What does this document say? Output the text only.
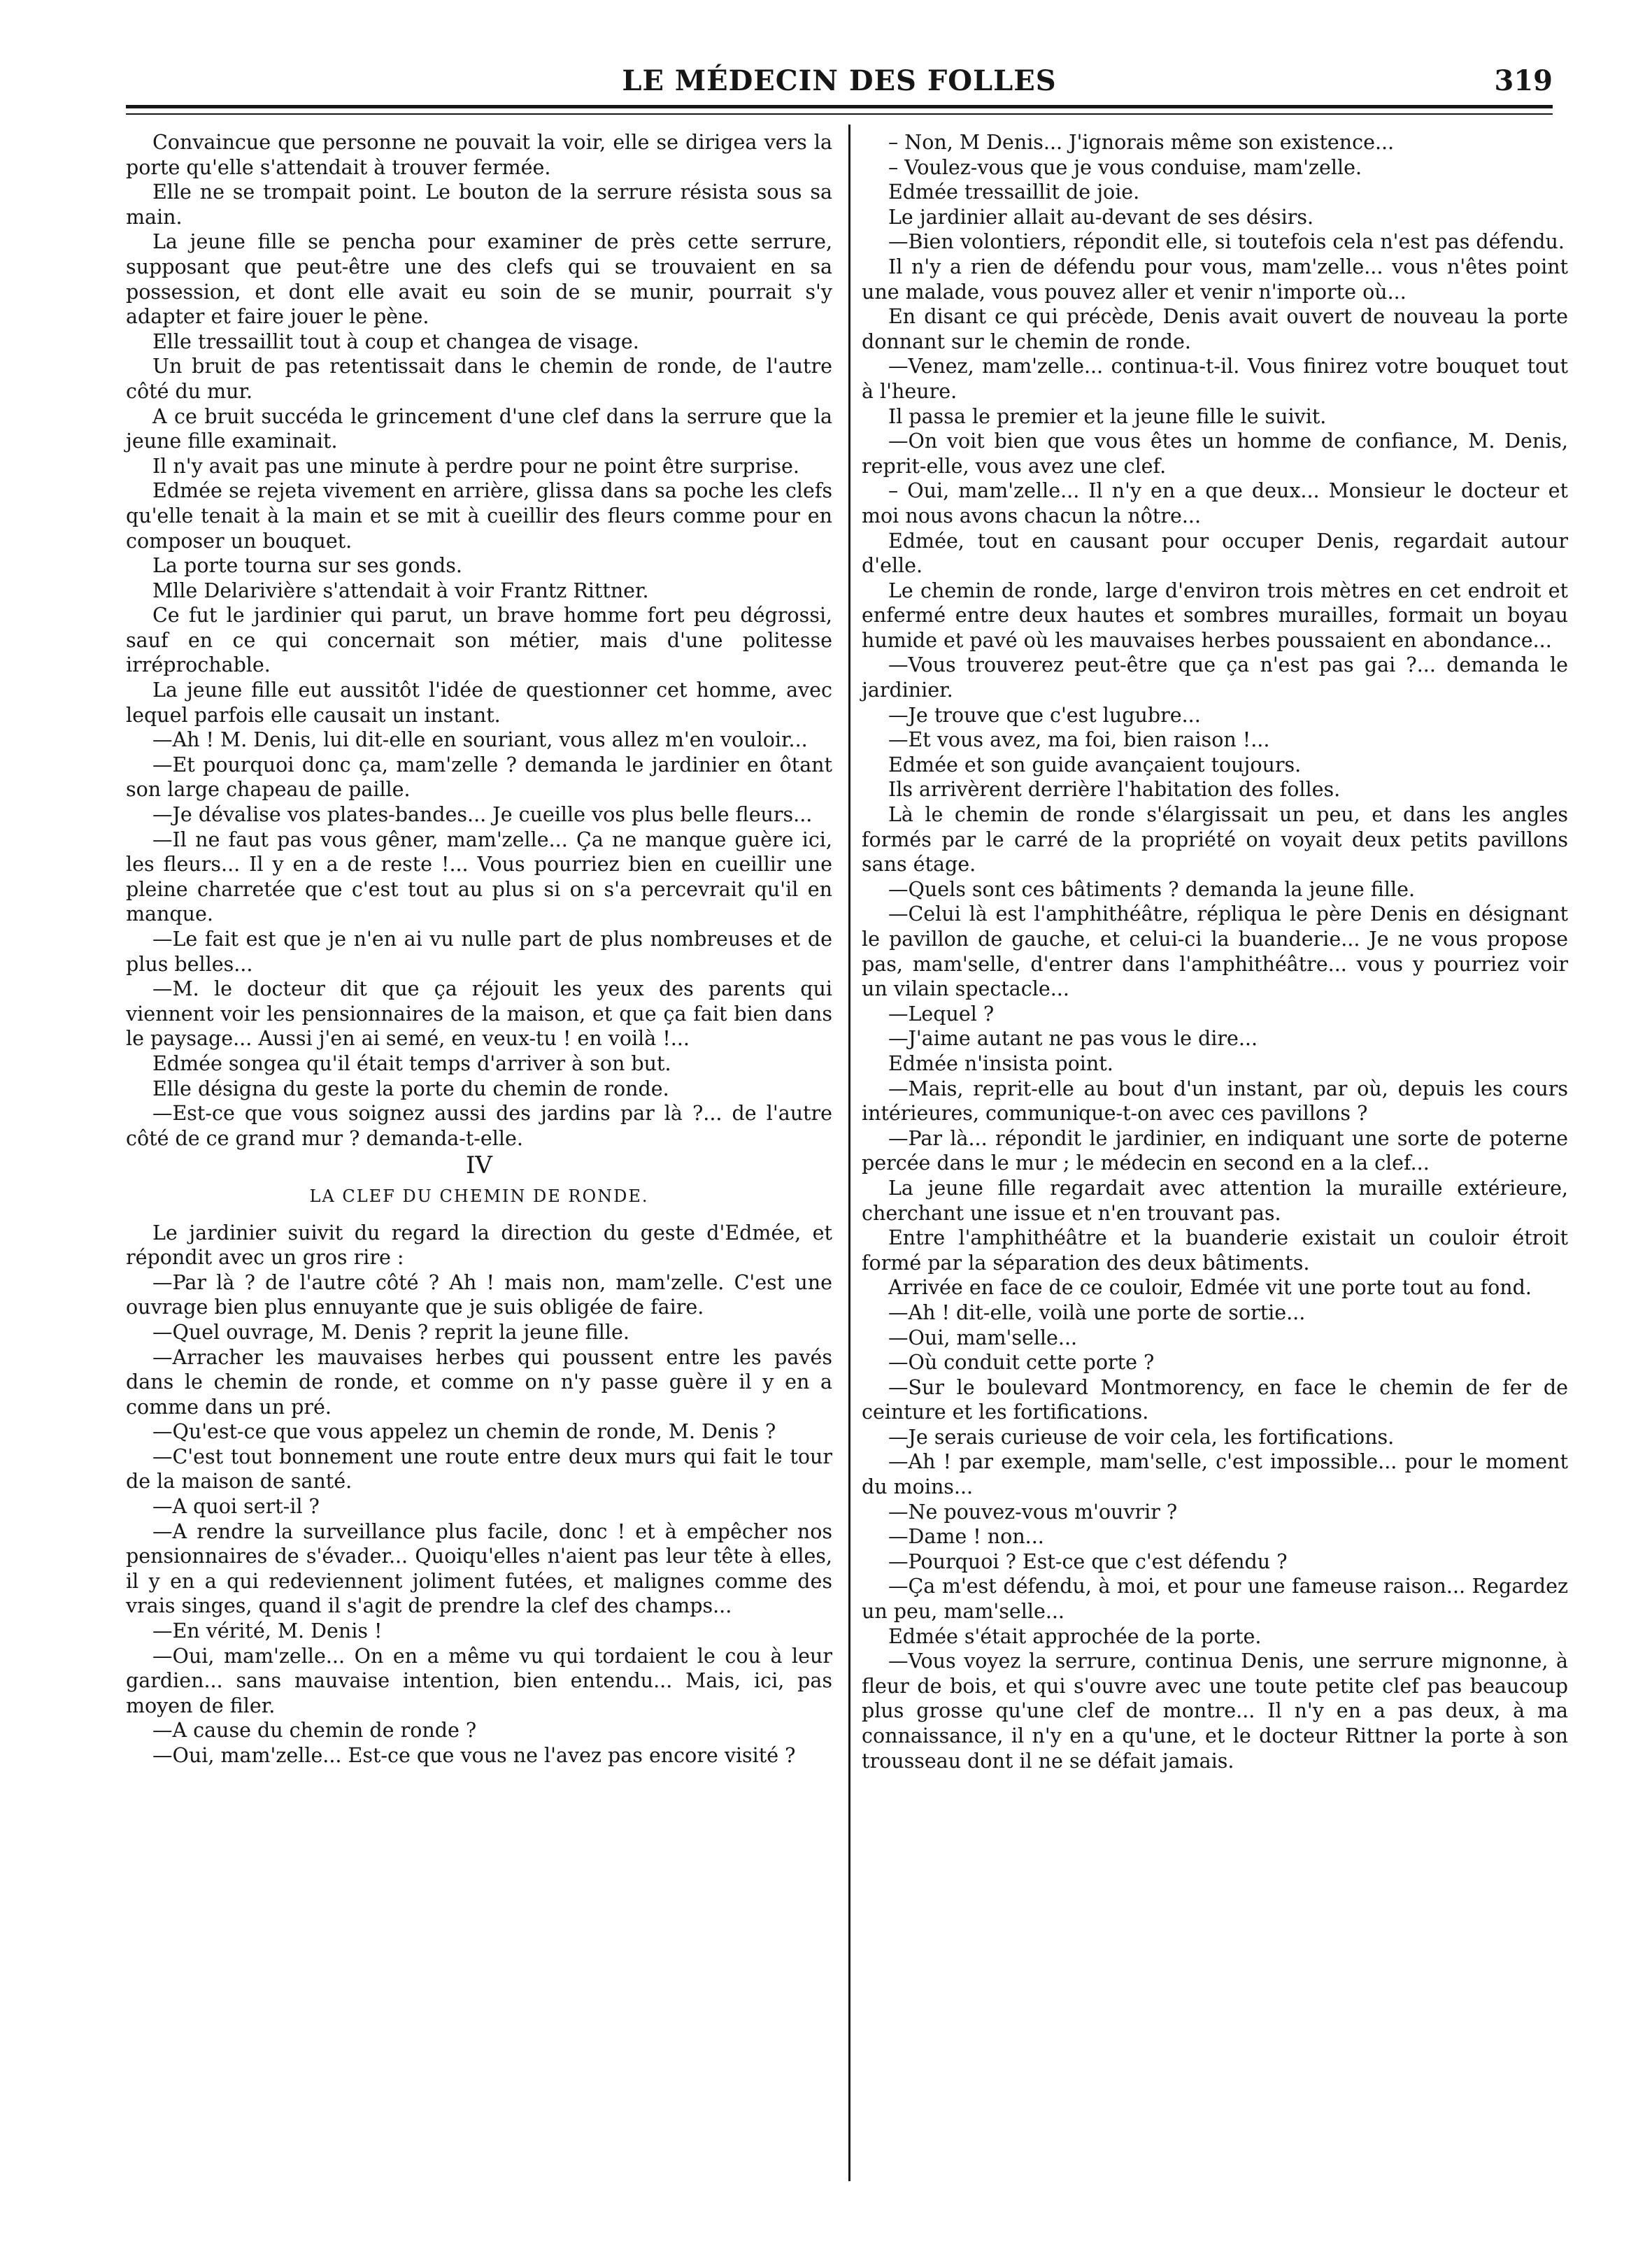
LE MÉDECIN DES FOLLES	319

Convaincue que personne ne pouvait la voir, elle se dirigea vers la porte qu'elle s'attendait à trouver fermée.

Elle ne se trompait point. Le bouton de la serrure résista sous sa main.

La jeune fille se pencha pour examiner de près cette serrure, supposant que peut-être une des clefs qui se trouvaient en sa possession, et dont elle avait eu soin de se munir, pourrait s'y adapter et faire jouer le pène.

Elle tressaillit tout à coup et changea de visage.

Un bruit de pas retentissait dans le chemin de ronde, de l'autre côté du mur.

A ce bruit succéda le grincement d'une clef dans la serrure que la jeune fille examinait.

Il n'y avait pas une minute à perdre pour ne point être surprise.

Edmée se rejeta vivement en arrière, glissa dans sa poche les clefs qu'elle tenait à la main et se mit à cueillir des fleurs comme pour en composer un bouquet.

La porte tourna sur ses gonds.

Mlle Delarivière s'attendait à voir Frantz Rittner.

Ce fut le jardinier qui parut, un brave homme fort peu dégrossi, sauf en ce qui concernait son métier, mais d'une politesse irréprochable.

La jeune fille eut aussitôt l'idée de questionner cet homme, avec lequel parfois elle causait un instant.

—Ah ! M. Denis, lui dit-elle en souriant, vous allez m'en vouloir...

—Et pourquoi donc ça, mam'zelle ? demanda le jardinier en ôtant son large chapeau de paille.

—Je dévalise vos plates-bandes... Je cueille vos plus belle fleurs...

—Il ne faut pas vous gêner, mam'zelle... Ça ne manque guère ici, les fleurs... Il y en a de reste !... Vous pourriez bien en cueillir une pleine charretée que c'est tout au plus si on s'a percevrait qu'il en manque.

—Le fait est que je n'en ai vu nulle part de plus nombreuses et de plus belles...

—M. le docteur dit que ça réjouit les yeux des parents qui viennent voir les pensionnaires de la maison, et que ça fait bien dans le paysage... Aussi j'en ai semé, en veux-tu ! en voilà !...

Edmée songea qu'il était temps d'arriver à son but.

Elle désigna du geste la porte du chemin de ronde.

—Est-ce que vous soignez aussi des jardins par là ?... de l'autre côté de ce grand mur ? demanda-t-elle.

IV
LA CLEF DU CHEMIN DE RONDE.

Le jardinier suivit du regard la direction du geste d'Edmée, et répondit avec un gros rire :

—Par là ? de l'autre côté ? Ah ! mais non, mam'zelle. C'est une ouvrage bien plus ennuyante que je suis obligée de faire.

—Quel ouvrage, M. Denis ? reprit la jeune fille.

—Arracher les mauvaises herbes qui poussent entre les pavés dans le chemin de ronde, et comme on n'y passe guère il y en a comme dans un pré.

—Qu'est-ce que vous appelez un chemin de ronde, M. Denis ?

—C'est tout bonnement une route entre deux murs qui fait le tour de la maison de santé.

—A quoi sert-il ?

—A rendre la surveillance plus facile, donc ! et à empêcher nos pensionnaires de s'évader... Quoiqu'elles n'aient pas leur tête à elles, il y en a qui redeviennent joliment futées, et malignes comme des vrais singes, quand il s'agit de prendre la clef des champs...

—En vérité, M. Denis !

—Oui, mam'zelle... On en a même vu qui tordaient le cou à leur gardien... sans mauvaise intention, bien entendu... Mais, ici, pas moyen de filer.

—A cause du chemin de ronde ?

—Oui, mam'zelle... Est-ce que vous ne l'avez pas encore visité ?

– Non, M Denis... J'ignorais même son existence...

– Voulez-vous que je vous conduise, mam'zelle.

Edmée tressaillit de joie.

Le jardinier allait au-devant de ses désirs.

—Bien volontiers, répondit elle, si toutefois cela n'est pas défendu.

Il n'y a rien de défendu pour vous, mam'zelle... vous n'êtes point une malade, vous pouvez aller et venir n'importe où...

En disant ce qui précède, Denis avait ouvert de nouveau la porte donnant sur le chemin de ronde.

—Venez, mam'zelle... continua-t-il. Vous finirez votre bouquet tout à l'heure.

Il passa le premier et la jeune fille le suivit.

—On voit bien que vous êtes un homme de confiance, M. Denis, reprit-elle, vous avez une clef.

– Oui, mam'zelle... Il n'y en a que deux... Monsieur le docteur et moi nous avons chacun la nôtre...

Edmée, tout en causant pour occuper Denis, regardait autour d'elle.

Le chemin de ronde, large d'environ trois mètres en cet endroit et enfermé entre deux hautes et sombres murailles, formait un boyau humide et pavé où les mauvaises herbes poussaient en abondance...

—Vous trouverez peut-être que ça n'est pas gai ?... demanda le jardinier.

—Je trouve que c'est lugubre...

—Et vous avez, ma foi, bien raison !...

Edmée et son guide avançaient toujours.

Ils arrivèrent derrière l'habitation des folles.

Là le chemin de ronde s'élargissait un peu, et dans les angles formés par le carré de la propriété on voyait deux petits pavillons sans étage.

—Quels sont ces bâtiments ? demanda la jeune fille.

—Celui là est l'amphithéâtre, répliqua le père Denis en désignant le pavillon de gauche, et celui-ci la buanderie... Je ne vous propose pas, mam'selle, d'entrer dans l'amphithéâtre... vous y pourriez voir un vilain spectacle...

—Lequel ?

—J'aime autant ne pas vous le dire...

Edmée n'insista point.

—Mais, reprit-elle au bout d'un instant, par où, depuis les cours intérieures, communique-t-on avec ces pavillons ?

—Par là... répondit le jardinier, en indiquant une sorte de poterne percée dans le mur ; le médecin en second en a la clef...

La jeune fille regardait avec attention la muraille extérieure, cherchant une issue et n'en trouvant pas.

Entre l'amphithéâtre et la buanderie existait un couloir étroit formé par la séparation des deux bâtiments.

Arrivée en face de ce couloir, Edmée vit une porte tout au fond.

—Ah ! dit-elle, voilà une porte de sortie...

—Oui, mam'selle...

—Où conduit cette porte ?

—Sur le boulevard Montmorency, en face le chemin de fer de ceinture et les fortifications.

—Je serais curieuse de voir cela, les fortifications.

—Ah ! par exemple, mam'selle, c'est impossible... pour le moment du moins...

—Ne pouvez-vous m'ouvrir ?

—Dame ! non...

—Pourquoi ? Est-ce que c'est défendu ?

—Ça m'est défendu, à moi, et pour une fameuse raison... Regardez un peu, mam'selle...

Edmée s'était approchée de la porte.

—Vous voyez la serrure, continua Denis, une serrure mignonne, à fleur de bois, et qui s'ouvre avec une toute petite clef pas beaucoup plus grosse qu'une clef de montre... Il n'y en a pas deux, à ma connaissance, il n'y en a qu'une, et le docteur Rittner la porte à son trousseau dont il ne se défait jamais.
